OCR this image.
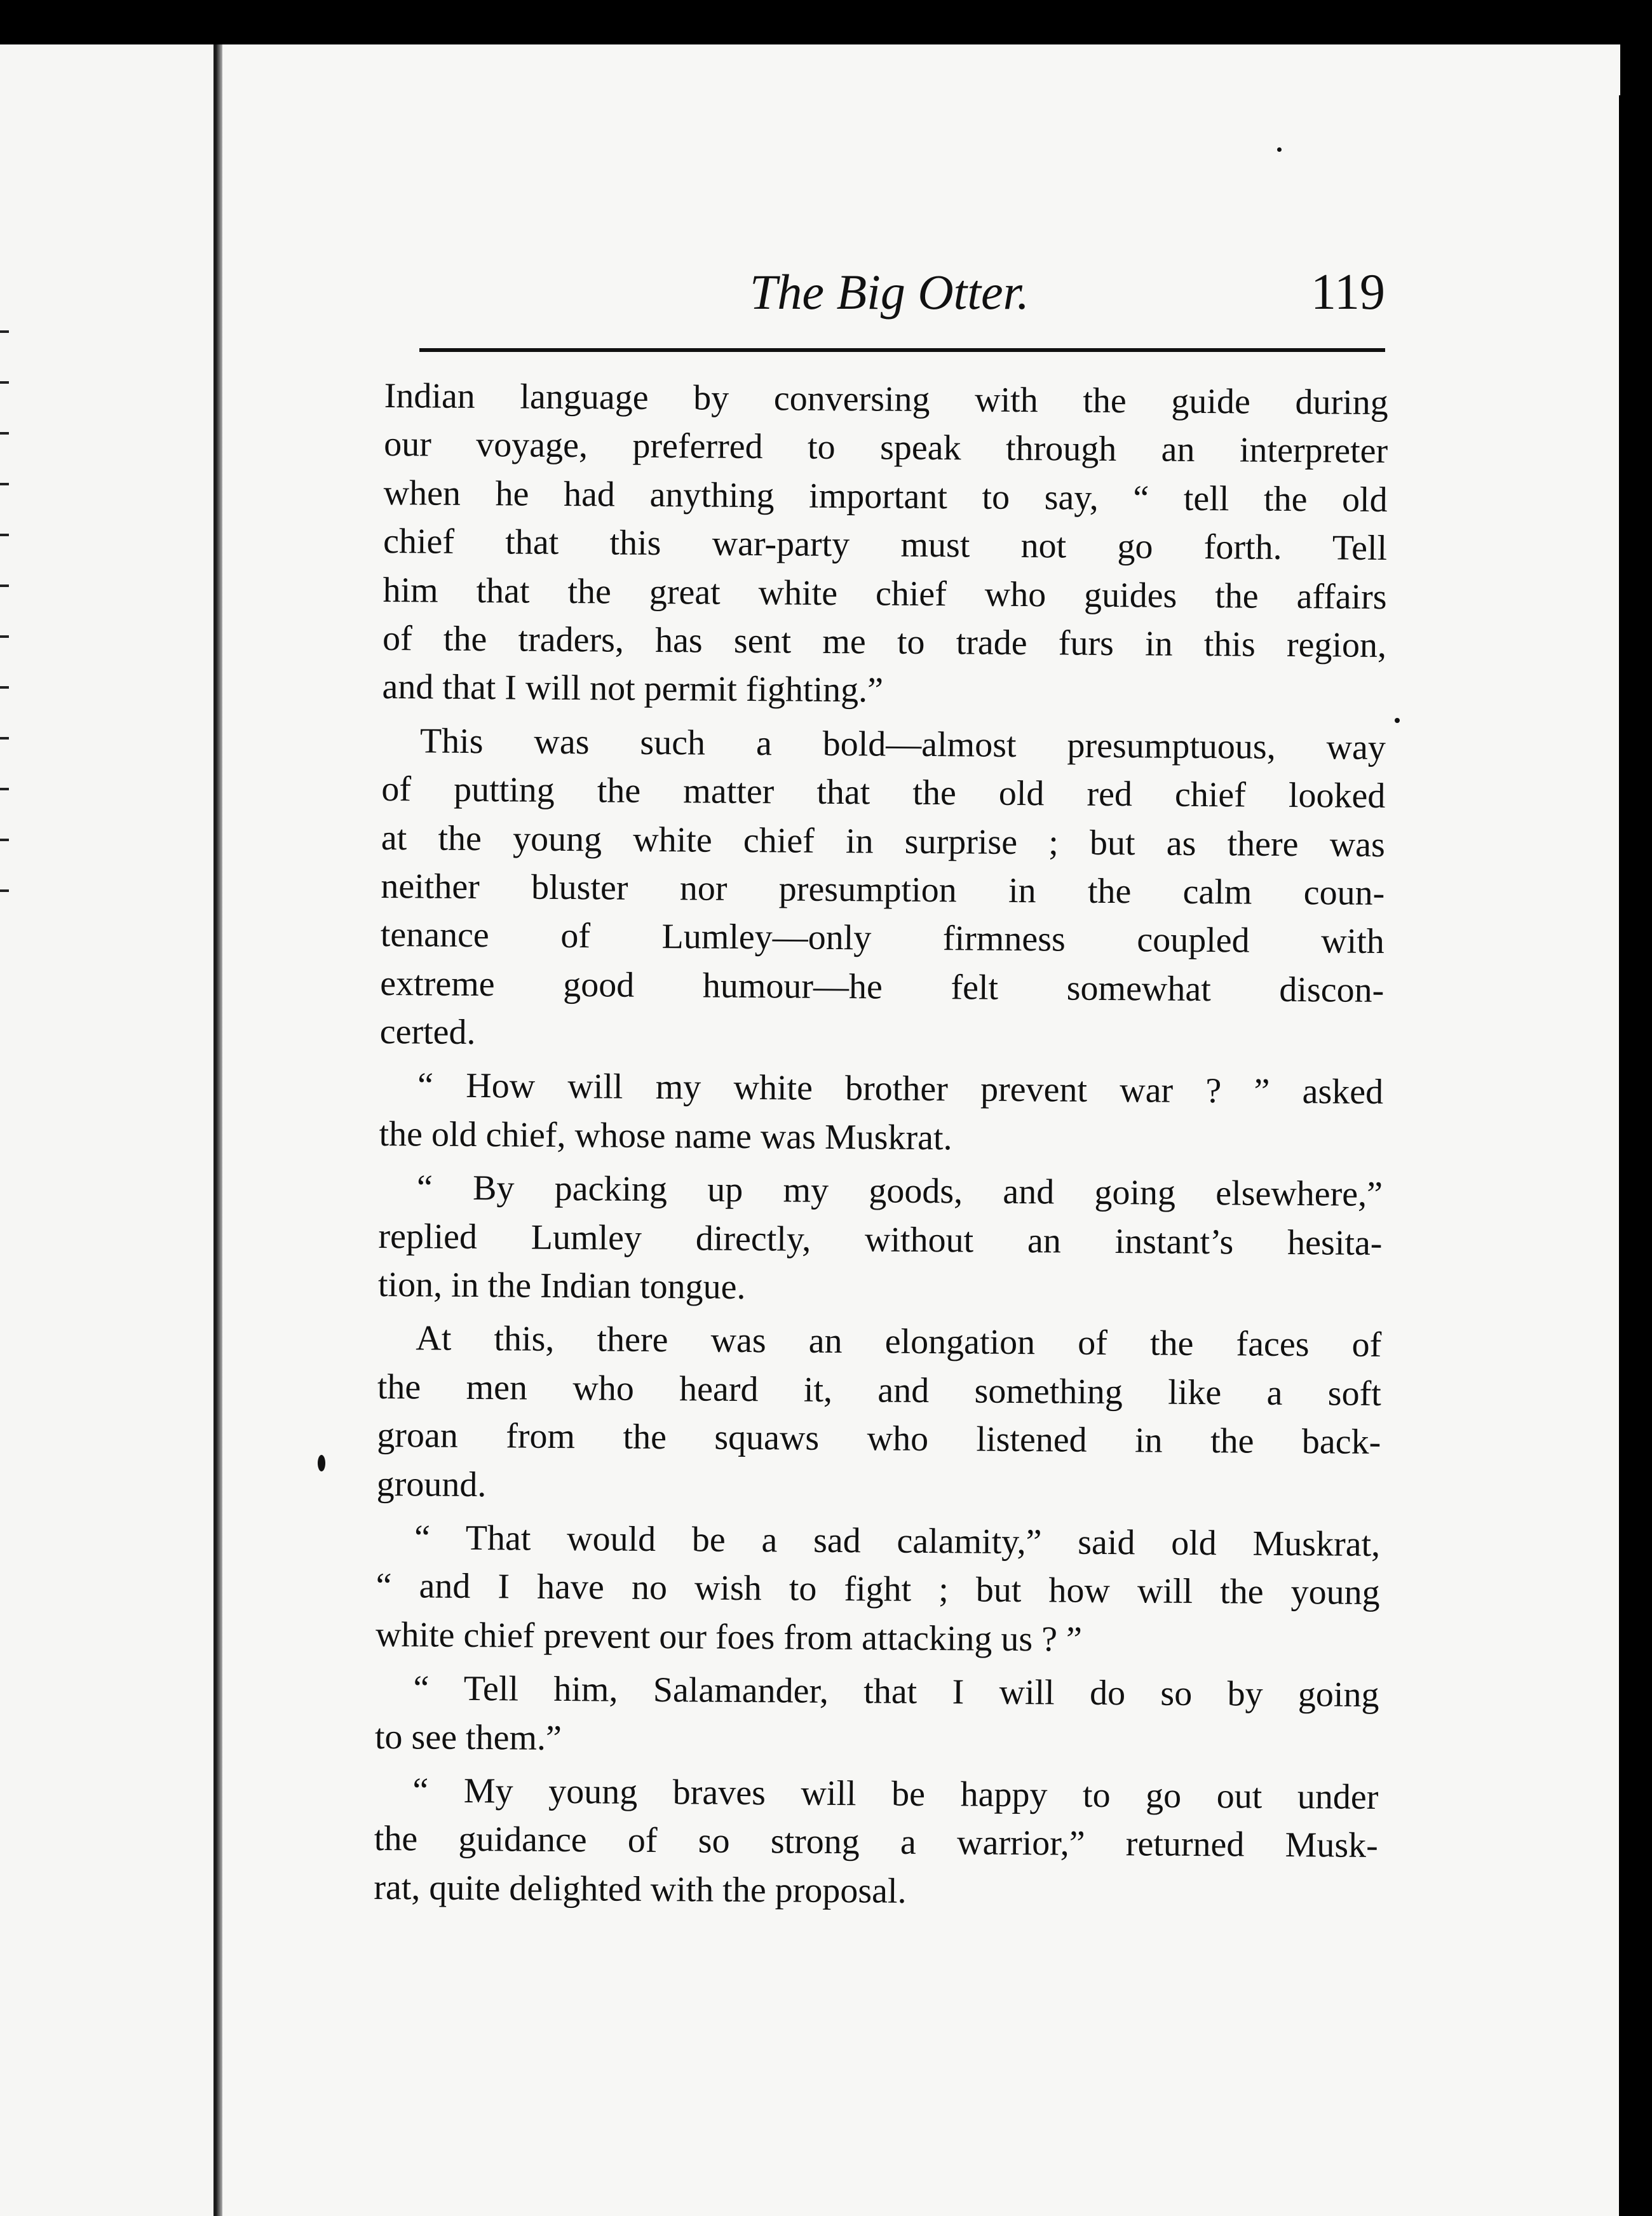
The Big Otter.	119
Indian language by conversing with the guide during
our voyage, preferred to speak through an interpreter
when he had anything important to say, “ tell the old
chief that this war-party must not go forth. Tell
him that the great white chief who guides the affairs
of the traders, has sent me to trade furs in this region,
and that I will not permit fighting.”
This was such a bold—almost presumptuous, way
of putting the matter that the old red chief looked
at the young white chief in surprise ; but as there was
neither bluster nor presumption in the calm coun-
tenance of Lumley—only firmness coupled with
extreme good humour—he felt somewhat discon-
certed.
“ How will my white brother prevent war ? ” asked
the old chief, whose name was Muskrat.
“ By packing up my goods, and going elsewhere,”
replied Lumley directly, without an instant’s hesita-
tion, in the Indian tongue.
At this, there was an elongation of the faces of
the men who heard it, and something like a soft
groan from the squaws who listened in the back-
ground.
“ That would be a sad calamity,” said old Muskrat,
“ and I have no wish to fight ; but how will the young
white chief prevent our foes from attacking us ? ”
“ Tell him, Salamander, that I will do so by going
to see them.”
“ My young braves will be happy to go out under
the guidance of so strong a warrior,” returned Musk-
rat, quite delighted with the proposal.
